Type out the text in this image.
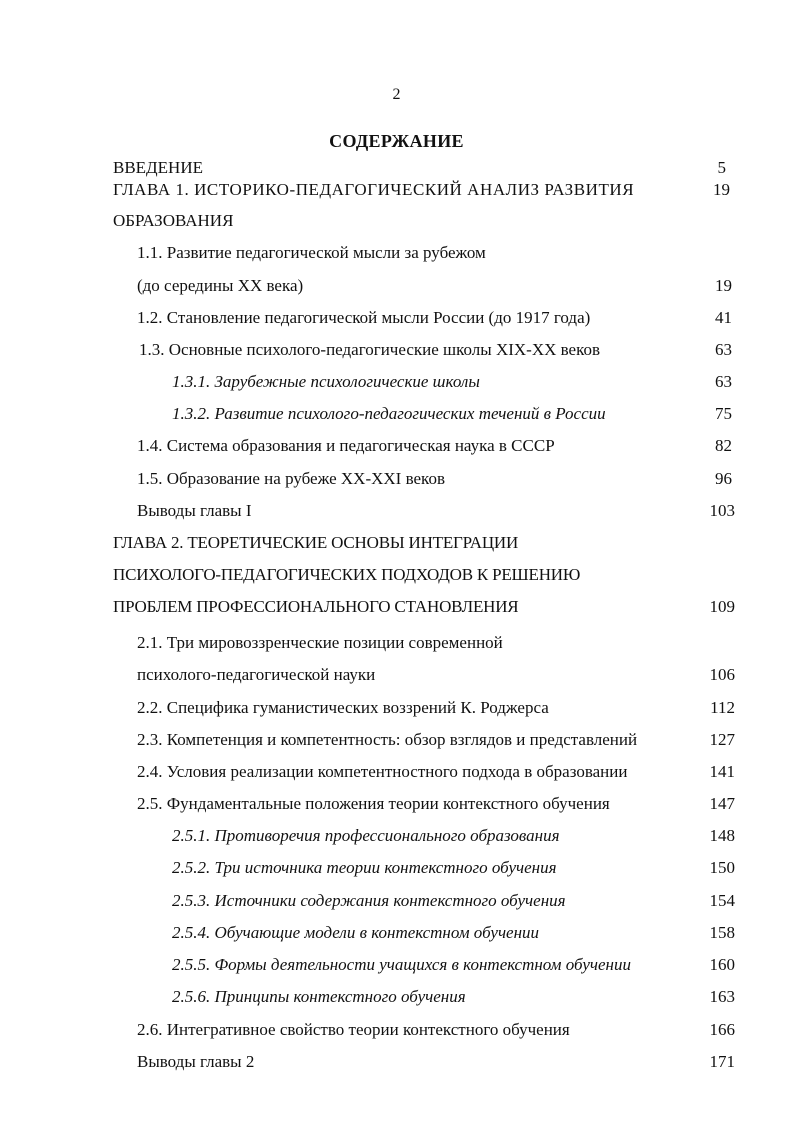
2
СОДЕРЖАНИЕ
ВВЕДЕНИЕ	5
ГЛАВА 1. ИСТОРИКО-ПЕДАГОГИЧЕСКИЙ АНАЛИЗ РАЗВИТИЯ	19
ОБРАЗОВАНИЯ
1.1. Развитие педагогической мысли за рубежом
(до середины XX века)	19
1.2. Становление педагогической мысли России (до 1917 года)	41
1.3. Основные психолого-педагогические школы XIX-XX веков	63
1.3.1. Зарубежные психологические школы	63
1.3.2. Развитие психолого-педагогических течений в России	75
1.4. Система образования и педагогическая наука в СССР	82
1.5. Образование на рубеже XX-XXI веков	96
Выводы главы I	103
ГЛАВА 2. ТЕОРЕТИЧЕСКИЕ ОСНОВЫ ИНТЕГРАЦИИ
ПСИХОЛОГО-ПЕДАГОГИЧЕСКИХ ПОДХОДОВ К РЕШЕНИЮ
ПРОБЛЕМ ПРОФЕССИОНАЛЬНОГО СТАНОВЛЕНИЯ	109
2.1. Три мировоззренческие позиции современной
психолого-педагогической науки	106
2.2. Специфика гуманистических воззрений К. Роджерса	112
2.3. Компетенция и компетентность: обзор взглядов и представлений	127
2.4. Условия реализации компетентностного подхода в образовании	141
2.5. Фундаментальные положения теории контекстного обучения	147
2.5.1. Противоречия профессионального образования	148
2.5.2. Три источника теории контекстного обучения	150
2.5.3. Источники содержания контекстного обучения	154
2.5.4. Обучающие модели в контекстном обучении	158
2.5.5. Формы деятельности учащихся в контекстном обучении	160
2.5.6. Принципы контекстного обучения	163
2.6. Интегративное свойство теории контекстного обучения	166
Выводы главы 2	171
